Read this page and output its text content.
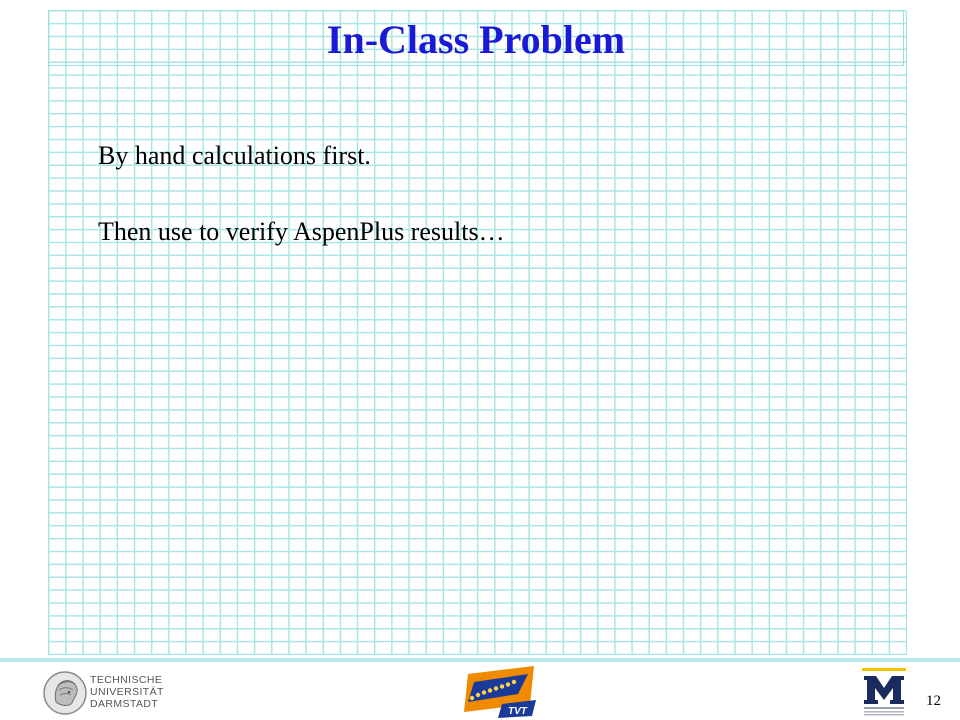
In-Class Problem

By hand calculations first.

Then use to verify AspenPlus results…

TECHNISCHE
UNIVERSITÄT
DARMSTADT
TVT
12
